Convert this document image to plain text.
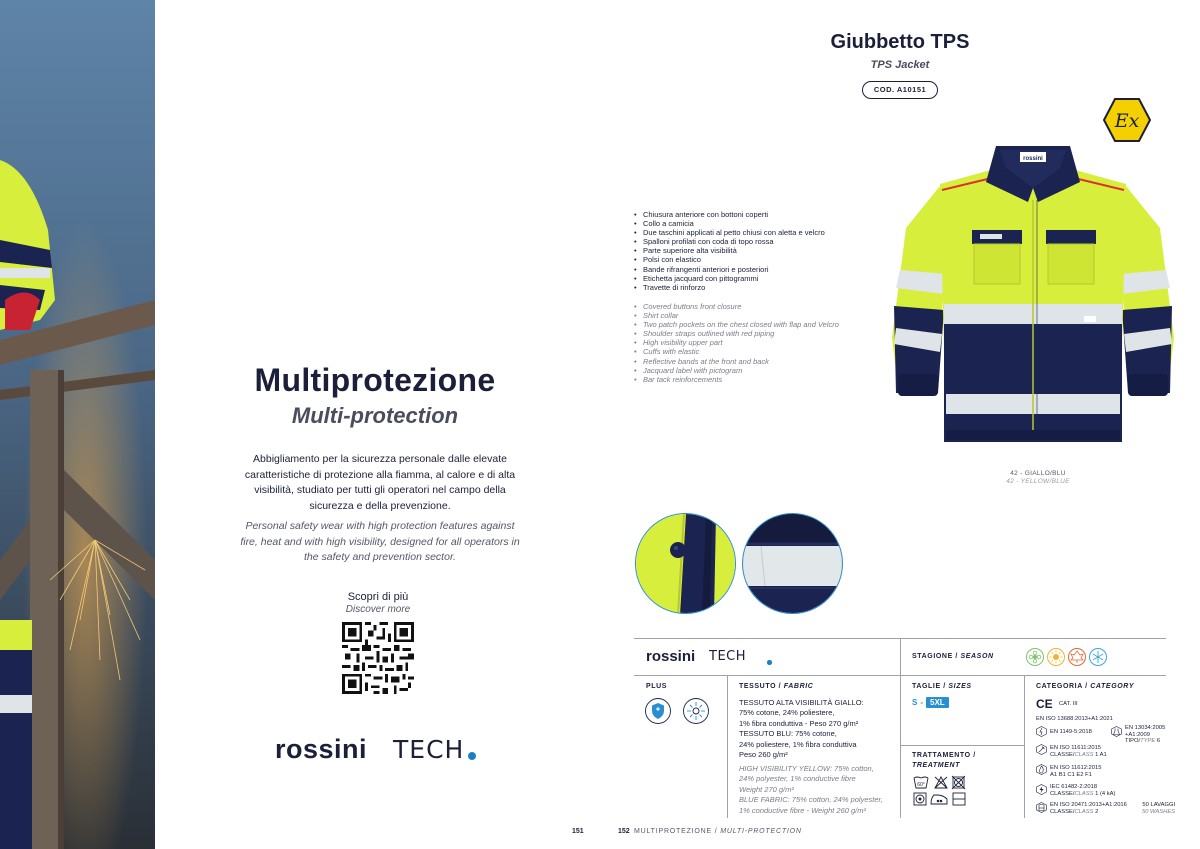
Multiprotezione
Multi-protection
Abbigliamento per la sicurezza personale dalle elevate caratteristiche di protezione alla fiamma, al calore e di alta visibilità, studiato per tutti gli operatori nel campo della sicurezza e della prevenzione.
Personal safety wear with high protection features against fire, heat and with high visibility, designed for all operators in the safety and prevention sector.
Scopri di più
Discover more
rossini TECH
151
Giubbetto TPS
TPS Jacket
COD. A10151
Ex
• Chiusura anteriore con bottoni coperti
• Collo a camicia
• Due taschini applicati al petto chiusi con aletta e velcro
• Spalloni profilati con coda di topo rossa
• Parte superiore alta visibilità
• Polsi con elastico
• Bande rifrangenti anteriori e posteriori
• Etichetta jacquard con pittogrammi
• Travette di rinforzo
• Covered buttons front closure
• Shirt collar
• Two patch pockets on the chest closed with flap and Velcro
• Shoulder straps outlined with red piping
• High visibility upper part
• Cuffs with elastic
• Reflective bands at the front and back
• Jacquard label with pictogram
• Bar tack reinforcements
rossini
42 - GIALLO/BLU
42 - YELLOW/BLUE
rossini TECH	STAGIONE / SEASON
PLUS	TESSUTO / FABRIC
TESSUTO ALTA VISIBILITÀ GIALLO:
75% cotone, 24% poliestere,
1% fibra conduttiva - Peso 270 g/m²
TESSUTO BLU: 75% cotone,
24% poliestere, 1% fibra conduttiva
Peso 260 g/m²
HIGH VISIBILITY YELLOW: 75% cotton,
24% polyester, 1% conductive fibre
Weight 270 g/m²
BLUE FABRIC: 75% cotton, 24% polyester,
1% conductive fibre - Weight 260 g/m²
TAGLIE / SIZES
S - 5XL
TRATTAMENTO /
TREATMENT
60°
CATEGORIA / CATEGORY
CE CAT. III
EN ISO 13688:2013+A1:2021
EN 1149-5:2018
EN 13034:2005
+A1:2009
TIPO/TYPE 6
EN ISO 11611:2015
CLASSE/CLASS 1 A1
EN ISO 11612:2015
A1 B1 C1 E2 F1
IEC 61482-2:2018
CLASSE/CLASS 1 (4 kA)
EN ISO 20471:2013+A1:2016
CLASSE/CLASS 2
50 LAVAGGI
50 WASHES
152 MULTIPROTEZIONE / MULTI-PROTECTION
